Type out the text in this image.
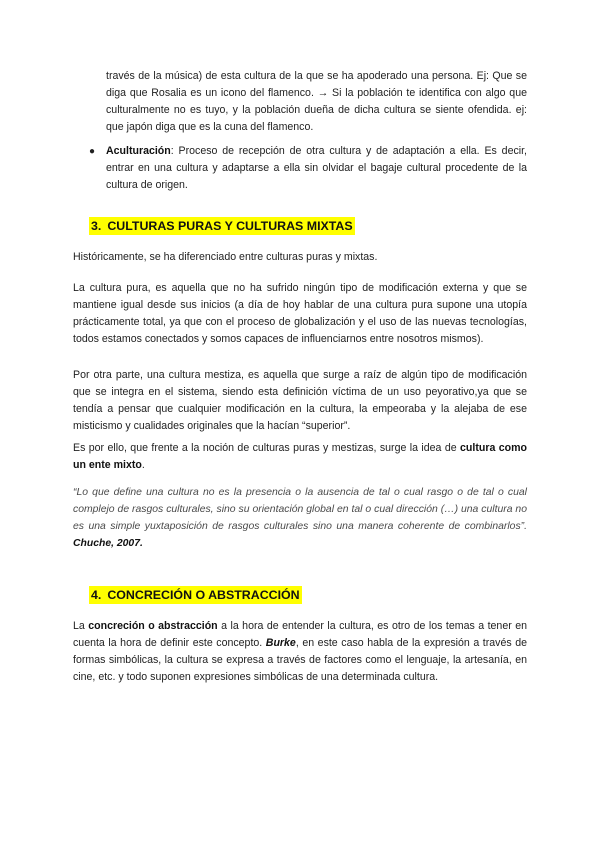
través de la música) de esta cultura de la que se ha apoderado una persona. Ej: Que se diga que Rosalia es un icono del flamenco. → Si la población te identifica con algo que culturalmente no es tuyo, y la población dueña de dicha cultura se siente ofendida. ej: que japón diga que es la cuna del flamenco.
● Aculturación: Proceso de recepción de otra cultura y de adaptación a ella. Es decir, entrar en una cultura y adaptarse a ella sin olvidar el bagaje cultural procedente de la cultura de origen.
3. CULTURAS PURAS Y CULTURAS MIXTAS
Históricamente, se ha diferenciado entre culturas puras y mixtas.
La cultura pura, es aquella que no ha sufrido ningún tipo de modificación externa y que se mantiene igual desde sus inicios (a día de hoy hablar de una cultura pura supone una utopía prácticamente total, ya que con el proceso de globalización y el uso de las nuevas tecnologías, todos estamos conectados y somos capaces de influenciarnos entre nosotros mismos).
Por otra parte, una cultura mestiza, es aquella que surge a raíz de algún tipo de modificación que se integra en el sistema, siendo esta definición víctima de un uso peyorativo,ya que se tendía a pensar que cualquier modificación en la cultura, la empeoraba y la alejaba de ese misticismo y cualidades originales que la hacían “superior”.
Es por ello, que frente a la noción de culturas puras y mestizas, surge la idea de cultura como un ente mixto.
“Lo que define una cultura no es la presencia o la ausencia de tal o cual rasgo o de tal o cual complejo de rasgos culturales, sino su orientación global en tal o cual dirección (…) una cultura no es una simple yuxtaposición de rasgos culturales sino una manera coherente de combinarlos”. Chuche, 2007.
4. CONCRECIÓN O ABSTRACCIÓN
La concreción o abstracción a la hora de entender la cultura, es otro de los temas a tener en cuenta la hora de definir este concepto. Burke, en este caso habla de la expresión a través de formas simbólicas, la cultura se expresa a través de factores como el lenguaje, la artesanía, en cine, etc. y todo suponen expresiones simbólicas de una determinada cultura.
